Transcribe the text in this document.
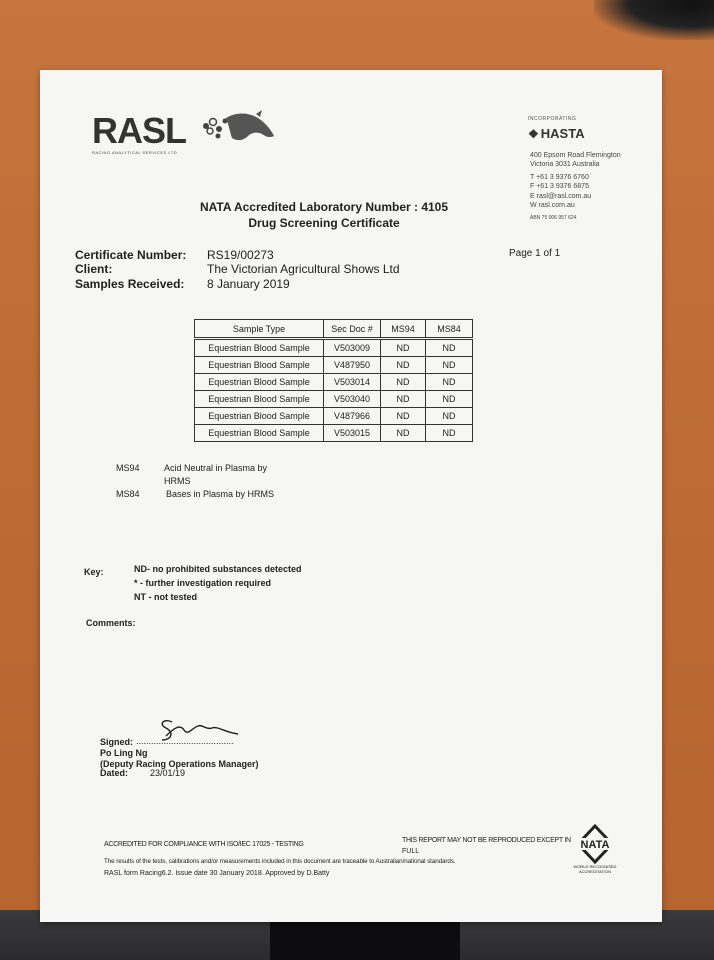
RASL
RACING ANALYTICAL SERVICES LTD
INCORPORATING
❖ HASTA
400 Epsom Road Flemington
Victoria 3031 Australia
T +61 3 9376 6760
F +61 3 9376 6875
E rasl@rasl.com.au
W rasl.com.au
ABN 75 006 957 624
NATA Accredited Laboratory Number : 4105
Drug Screening Certificate
Certificate Number: RS19/00273
Client:	The Victorian Agricultural Shows Ltd
Samples Received: 8 January 2019
Page 1 of 1
Sample Type	Sec Doc #	MS94	MS84
Equestrian Blood Sample	V503009	ND	ND
Equestrian Blood Sample	V487950	ND	ND
Equestrian Blood Sample	V503014	ND	ND
Equestrian Blood Sample	V503040	ND	ND
Equestrian Blood Sample	V487966	ND	ND
Equestrian Blood Sample	V503015	ND	ND
MS94	Acid Neutral in Plasma by
HRMS
MS84	Bases in Plasma by HRMS
Key:	ND- no prohibited substances detected
* - further investigation required
NT - not tested
Comments:
Signed: .......................................
Po Ling Ng
(Deputy Racing Operations Manager)
Dated: 23/01/19
ACCREDITED FOR COMPLIANCE WITH ISO/IEC 17025 - TESTING
THIS REPORT MAY NOT BE REPRODUCED EXCEPT IN
FULL
The results of the tests, calibrations and/or measurements included in this document are traceable to Australian/national standards.
RASL form Racing6.2. Issue date 30 January 2018. Approved by D.Batty
NATA
WORLD RECOGNISED ACCREDITATION
